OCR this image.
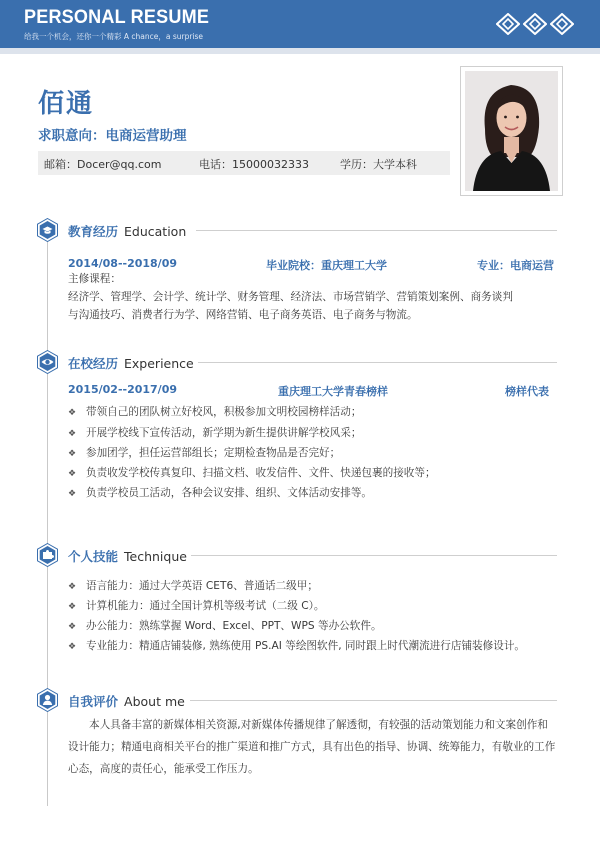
PERSONAL RESUME
给我一个机会，还你一个精彩 A chance，a surprise
佰通
求职意向：电商运营助理
邮箱：Docer@qq.com	电话：15000032333	学历：大学本科
教育经历 Education
2014/08--2018/09	毕业院校：重庆理工大学	专业：电商运营
主修课程：
经济学、管理学、会计学、统计学、财务管理、经济法、市场营销学、营销策划案例、商务谈判
与沟通技巧、消费者行为学、网络营销、电子商务英语、电子商务与物流。
在校经历 Experience
2015/02--2017/09	重庆理工大学青春榜样	榜样代表
❖ 带领自己的团队树立好校风，积极参加文明校园榜样活动；
❖ 开展学校线下宣传活动，新学期为新生提供讲解学校风采；
❖ 参加团学，担任运营部组长；定期检查物品是否完好；
❖ 负责收发学校传真复印、扫描文档、收发信件、文件、快递包裹的接收等；
❖ 负责学校员工活动，各种会议安排、组织、文体活动安排等。
个人技能 Technique
❖ 语言能力：通过大学英语 CET6、普通话二级甲；
❖ 计算机能力：通过全国计算机等级考试（二级 C）。
❖ 办公能力：熟练掌握 Word、Excel、PPT、WPS 等办公软件。
❖ 专业能力：精通店铺装修, 熟练使用 PS.AI 等绘图软件, 同时跟上时代潮流进行店铺装修设计。
自我评价 About me
本人具备丰富的新媒体相关资源,对新媒体传播规律了解透彻，有较强的活动策划能力和文案创作和设计能力；精通电商相关平台的推广渠道和推广方式，具有出色的指导、协调、统筹能力，有敬业的工作心态，高度的责任心，能承受工作压力。
